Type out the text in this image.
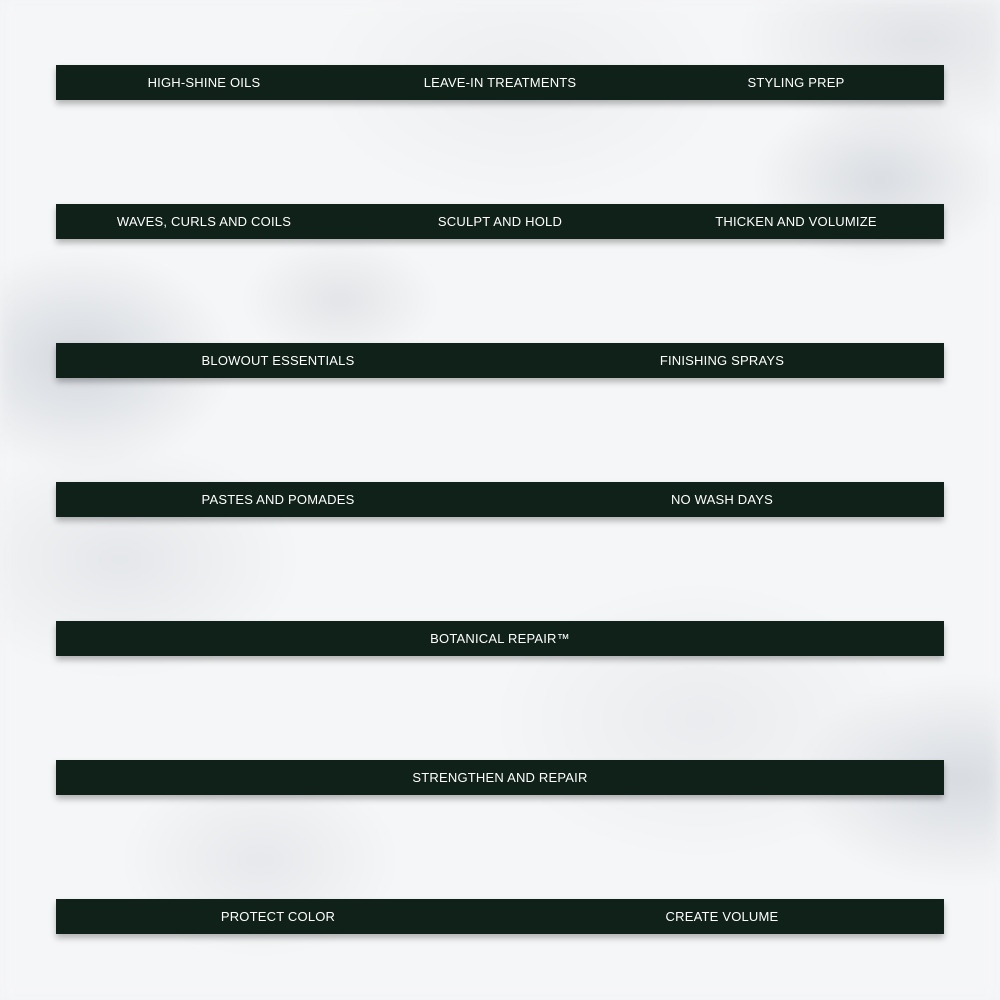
HIGH-SHINE OILS	LEAVE-IN TREATMENTS	STYLING PREP
WAVES, CURLS AND COILS	SCULPT AND HOLD	THICKEN AND VOLUMIZE
BLOWOUT ESSENTIALS	FINISHING SPRAYS
PASTES AND POMADES	NO WASH DAYS
BOTANICAL REPAIR™
STRENGTHEN AND REPAIR
PROTECT COLOR	CREATE VOLUME
